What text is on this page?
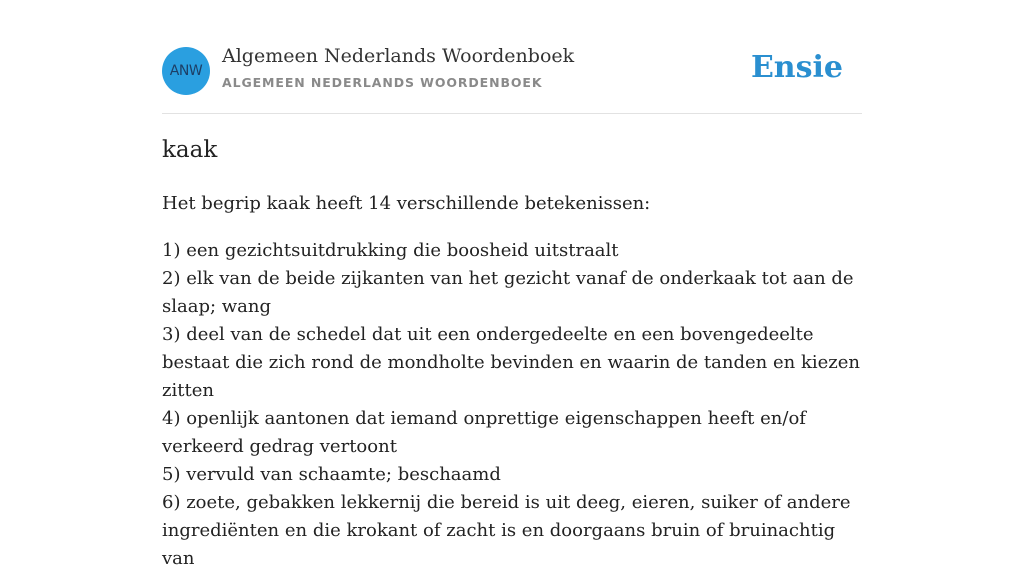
ANW
Algemeen Nederlands Woordenboek
ALGEMEEN NEDERLANDS WOORDENBOEK	Ensie
kaak

Het begrip kaak heeft 14 verschillende betekenissen:

1) een gezichtsuitdrukking die boosheid uitstraalt
2) elk van de beide zijkanten van het gezicht vanaf de onderkaak tot aan de slaap; wang
3) deel van de schedel dat uit een ondergedeelte en een bovengedeelte bestaat die zich rond de mondholte bevinden en waarin de tanden en kiezen zitten
4) openlijk aantonen dat iemand onprettige eigenschappen heeft en/of verkeerd gedrag vertoont
5) vervuld van schaamte; beschaamd
6) zoete, gebakken lekkernij die bereid is uit deeg, eieren, suiker of andere ingrediënten en die krokant of zacht is en doorgaans bruin of bruinachtig van
